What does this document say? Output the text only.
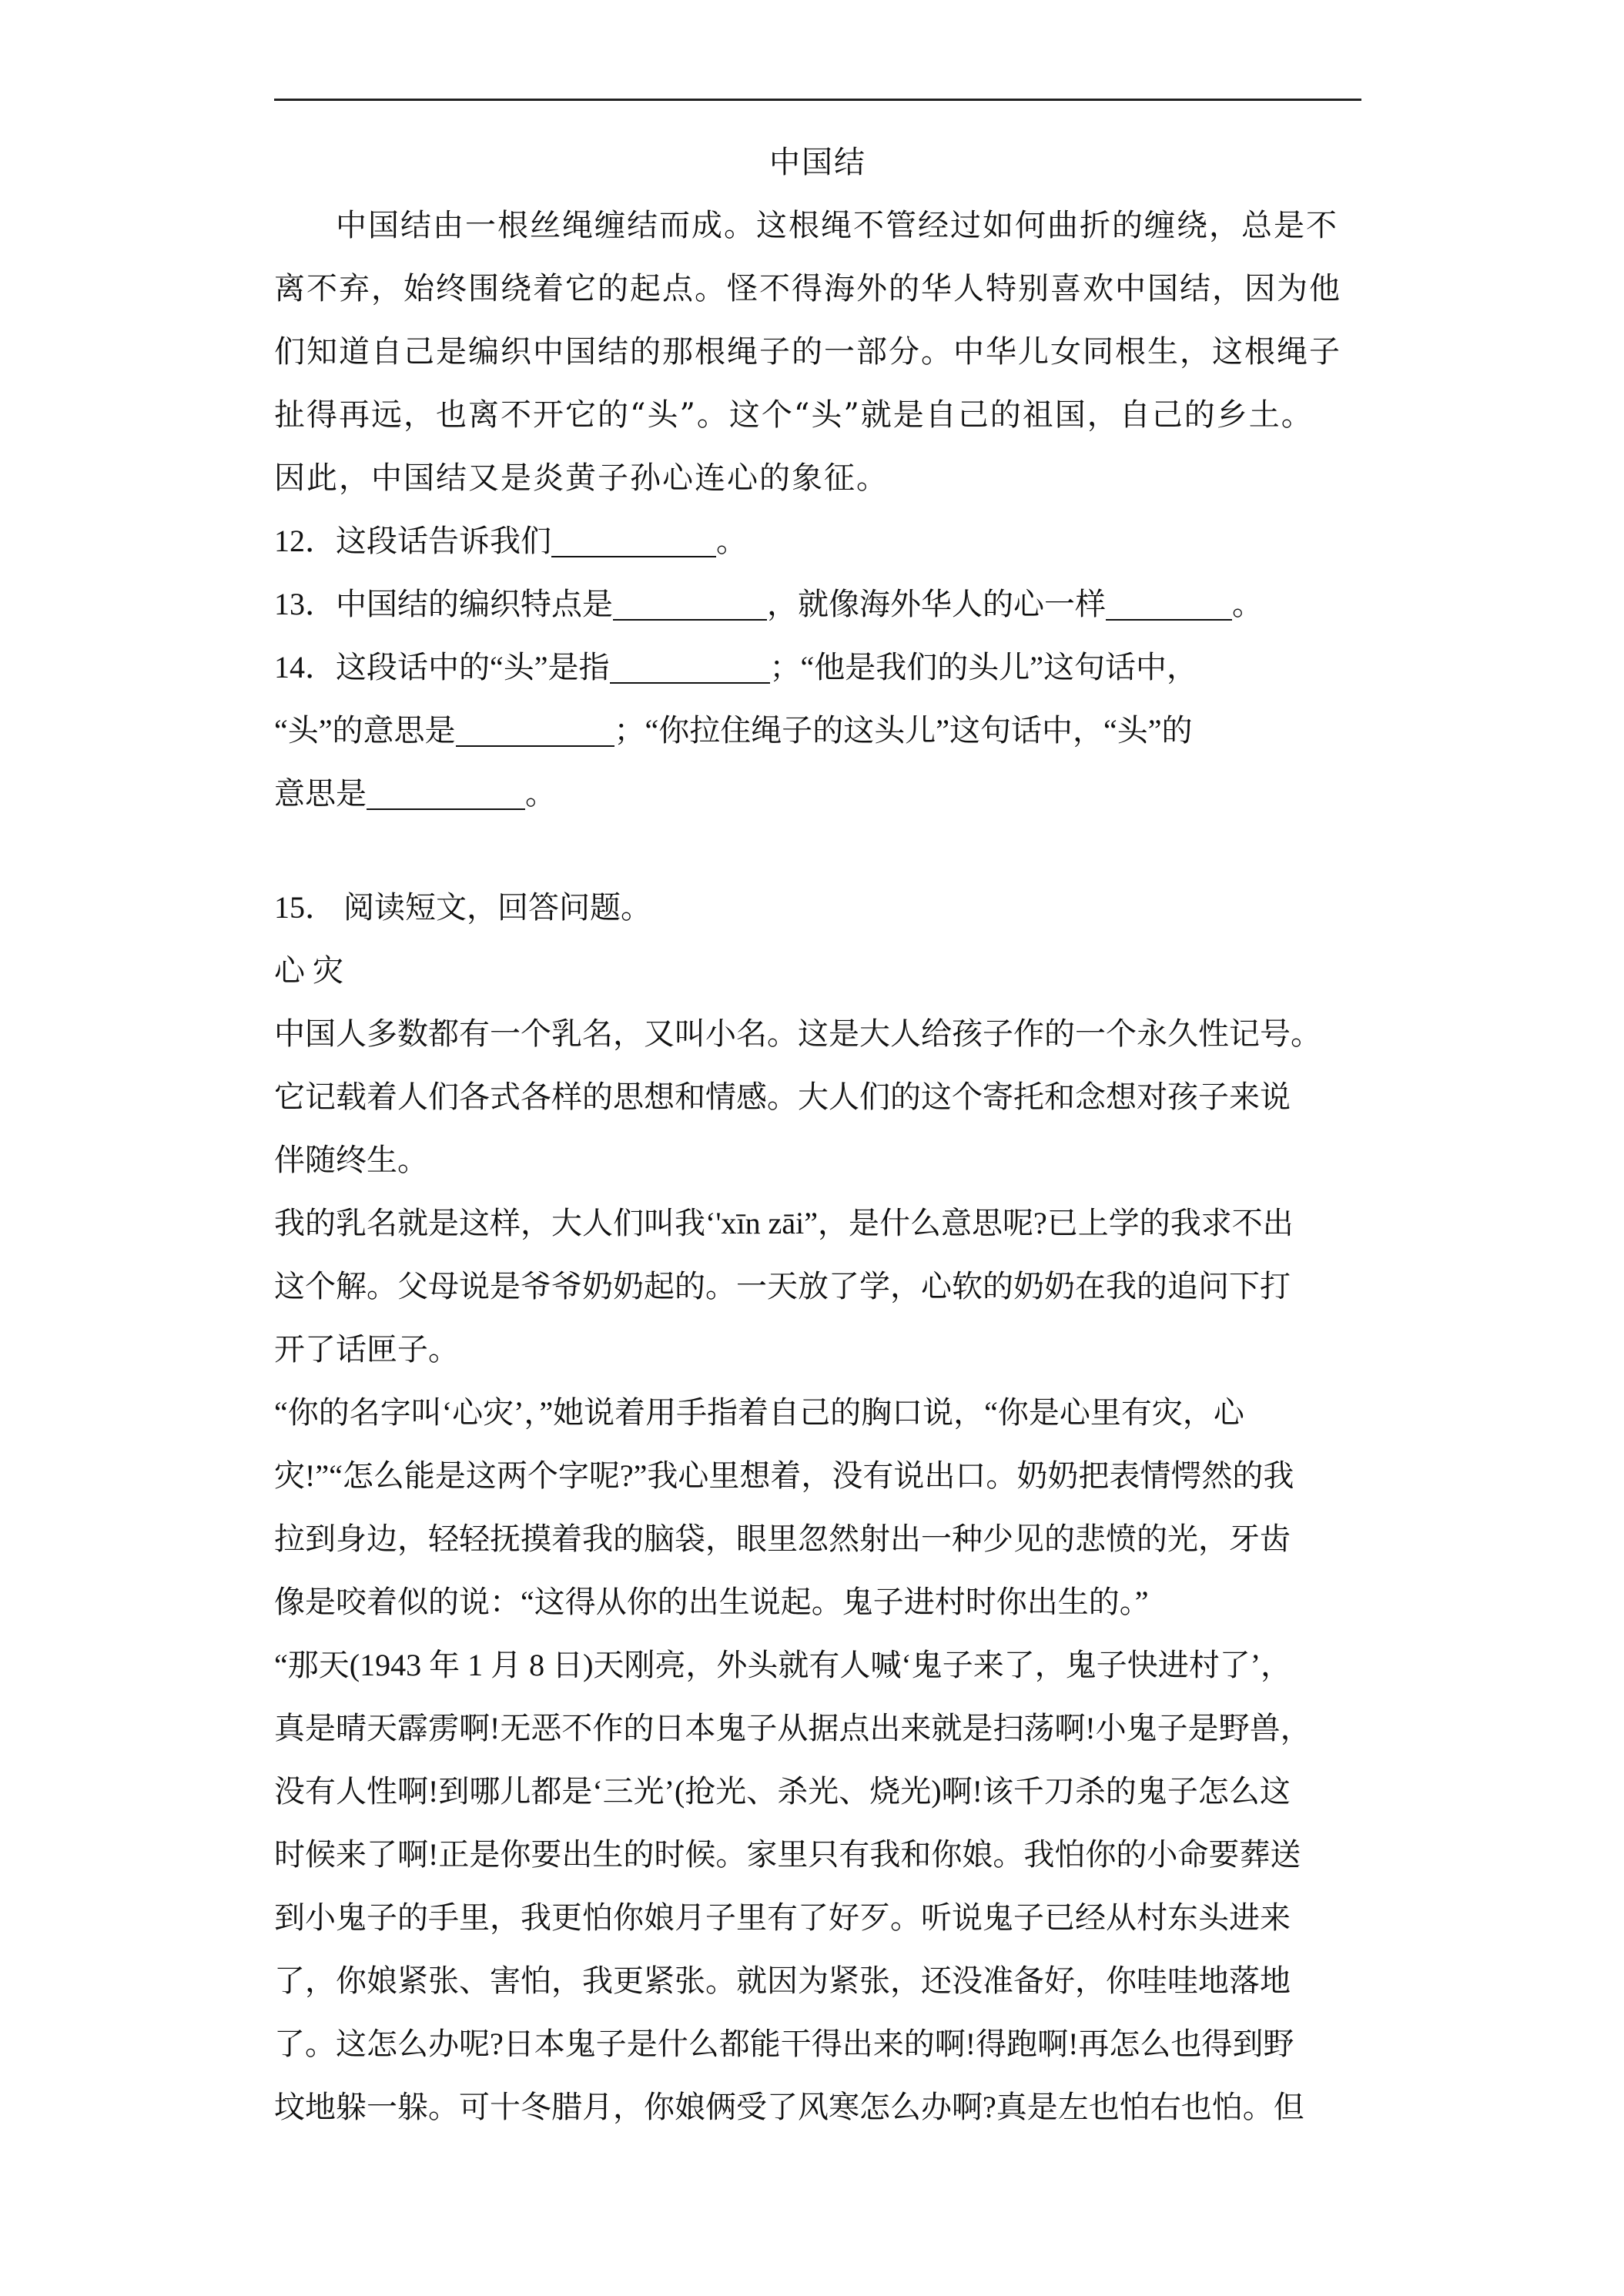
中国结
中国结由一根丝绳缠结而成。这根绳不管经过如何曲折的缠绕，总是不
离不弃，始终围绕着它的起点。怪不得海外的华人特别喜欢中国结，因为他
们知道自己是编织中国结的那根绳子的一部分。中华儿女同根生，这根绳子
扯得再远，也离不开它的“头”。这个“头”就是自己的祖国，自己的乡土。
因此，中国结又是炎黄子孙心连心的象征。
12．这段话告诉我们	。
13．中国结的编织特点是	，就像海外华人的心一样	。
14．这段话中的“头”是指	；“他是我们的头儿”这句话中，
“头”的意思是	；“你拉住绳子的这头儿”这句话中，“头”的
意思是	。
15． 阅读短文，回答问题。
心 灾
中国人多数都有一个乳名，又叫小名。这是大人给孩子作的一个永久性记号。
它记载着人们各式各样的思想和情感。大人们的这个寄托和念想对孩子来说
伴随终生。
我的乳名就是这样，大人们叫我‘'xīn zāi”，是什么意思呢?已上学的我求不出
这个解。父母说是爷爷奶奶起的。一天放了学，心软的奶奶在我的追问下打
开了话匣子。
“你的名字叫‘心灾’，”她说着用手指着自己的胸口说，“你是心里有灾，心
灾!”“怎么能是这两个字呢?”我心里想着，没有说出口。奶奶把表情愕然的我
拉到身边，轻轻抚摸着我的脑袋，眼里忽然射出一种少见的悲愤的光，牙齿
像是咬着似的说：“这得从你的出生说起。鬼子进村时你出生的。”
“那天(1943 年 1 月 8 日)天刚亮，外头就有人喊‘鬼子来了，鬼子快进村了’，
真是晴天霹雳啊!无恶不作的日本鬼子从据点出来就是扫荡啊!小鬼子是野兽，
没有人性啊!到哪儿都是‘三光’(抢光、杀光、烧光)啊!该千刀杀的鬼子怎么这
时候来了啊!正是你要出生的时候。家里只有我和你娘。我怕你的小命要葬送
到小鬼子的手里，我更怕你娘月子里有了好歹。听说鬼子已经从村东头进来
了，你娘紧张、害怕，我更紧张。就因为紧张，还没准备好，你哇哇地落地
了。这怎么办呢?日本鬼子是什么都能干得出来的啊!得跑啊!再怎么也得到野
坟地躲一躲。可十冬腊月，你娘俩受了风寒怎么办啊?真是左也怕右也怕。但
